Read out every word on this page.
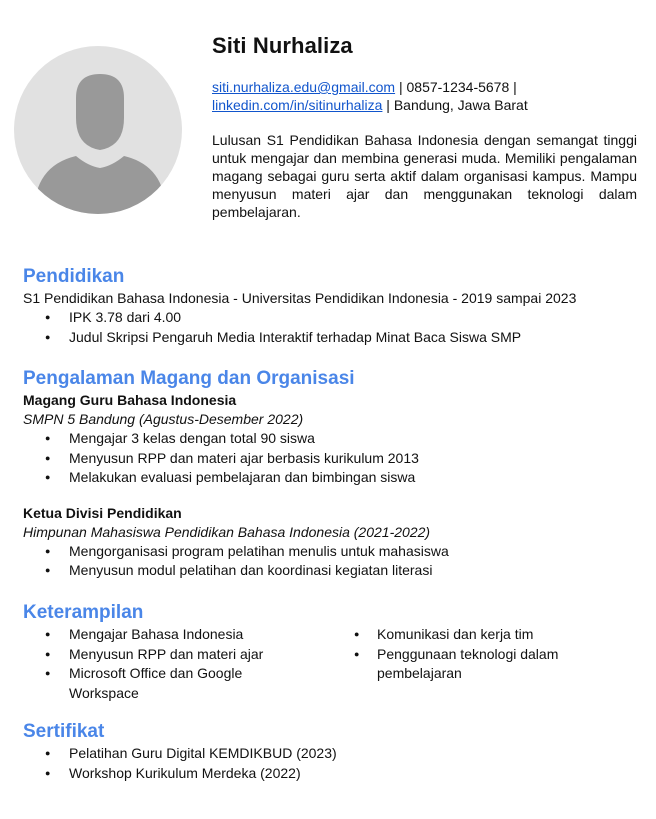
Siti Nurhaliza
siti.nurhaliza.edu@gmail.com | 0857-1234-5678 |
linkedin.com/in/sitinurhaliza | Bandung, Jawa Barat
Lulusan S1 Pendidikan Bahasa Indonesia dengan semangat tinggi untuk mengajar dan membina generasi muda. Memiliki pengalaman magang sebagai guru serta aktif dalam organisasi kampus. Mampu menyusun materi ajar dan menggunakan teknologi dalam pembelajaran.
Pendidikan

S1 Pendidikan Bahasa Indonesia - Universitas Pendidikan Indonesia - 2019 sampai 2023

● IPK 3.78 dari 4.00
● Judul Skripsi Pengaruh Media Interaktif terhadap Minat Baca Siswa SMP
Pengalaman Magang dan Organisasi

Magang Guru Bahasa Indonesia

SMPN 5 Bandung (Agustus-Desember 2022)

● Mengajar 3 kelas dengan total 90 siswa
● Menyusun RPP dan materi ajar berbasis kurikulum 2013
● Melakukan evaluasi pembelajaran dan bimbingan siswa

Ketua Divisi Pendidikan

Himpunan Mahasiswa Pendidikan Bahasa Indonesia (2021-2022)

● Mengorganisasi program pelatihan menulis untuk mahasiswa
● Menyusun modul pelatihan dan koordinasi kegiatan literasi
Keterampilan
● Mengajar Bahasa Indonesia
● Menyusun RPP dan materi ajar
● Microsoft Office dan Google Workspace
● Komunikasi dan kerja tim
● Penggunaan teknologi dalam pembelajaran
Sertifikat
● Pelatihan Guru Digital KEMDIKBUD (2023)
● Workshop Kurikulum Merdeka (2022)
